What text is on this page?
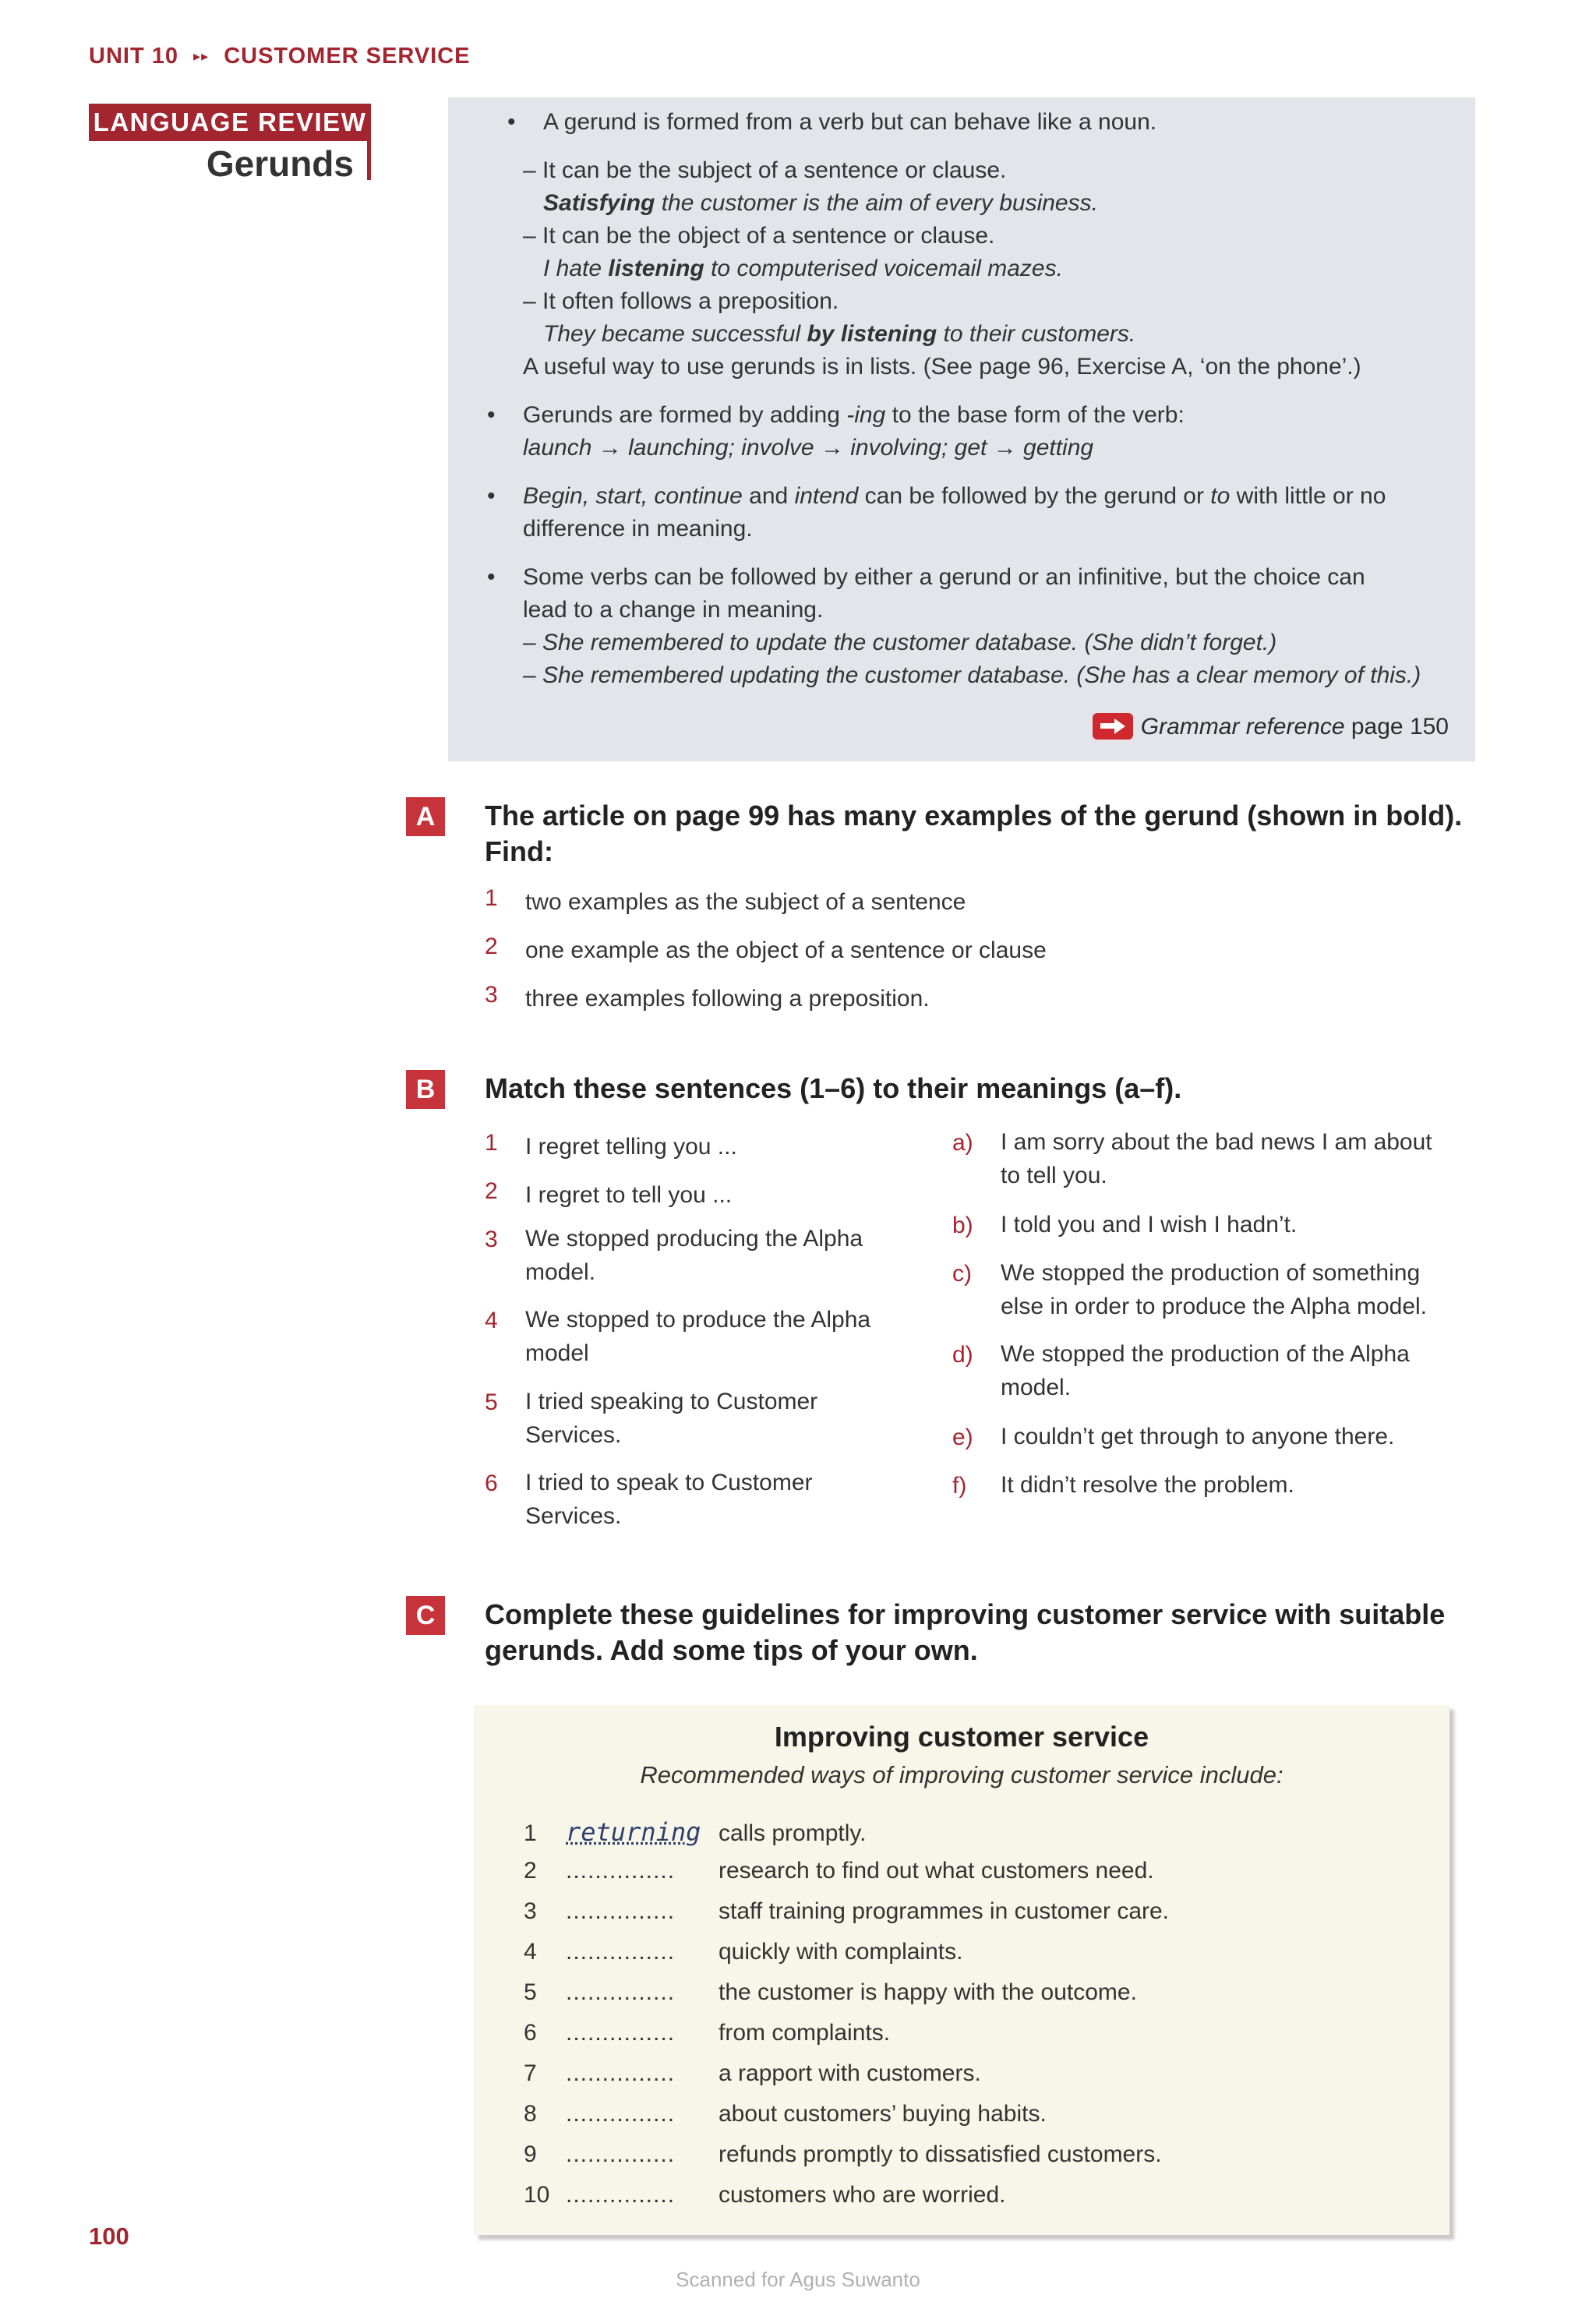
UNIT 10 ▸▸ CUSTOMER SERVICE
LANGUAGE REVIEW
Gerunds
• A gerund is formed from a verb but can behave like a noun.
– It can be the subject of a sentence or clause.
Satisfying the customer is the aim of every business.
– It can be the object of a sentence or clause.
I hate listening to computerised voicemail mazes.
– It often follows a preposition.
They became successful by listening to their customers.
A useful way to use gerunds is in lists. (See page 96, Exercise A, ‘on the phone’.)
• Gerunds are formed by adding -ing to the base form of the verb:
launch → launching; involve → involving; get → getting
• Begin, start, continue and intend can be followed by the gerund or to with little or no
difference in meaning.
• Some verbs can be followed by either a gerund or an infinitive, but the choice can
lead to a change in meaning.
– She remembered to update the customer database. (She didn’t forget.)
– She remembered updating the customer database. (She has a clear memory of this.)
Grammar reference page 150
A	The article on page 99 has many examples of the gerund (shown in bold).
Find:
1 two examples as the subject of a sentence
2 one example as the object of a sentence or clause
3 three examples following a preposition.
B	Match these sentences (1–6) to their meanings (a–f).
1 I regret telling you ...
2 I regret to tell you ...
3 We stopped producing the Alpha
model.
4 We stopped to produce the Alpha
model
5 I tried speaking to Customer
Services.
6 I tried to speak to Customer
Services.
a) I am sorry about the bad news I am about
to tell you.
b) I told you and I wish I hadn’t.
c) We stopped the production of something
else in order to produce the Alpha model.
d) We stopped the production of the Alpha
model.
e) I couldn’t get through to anyone there.
f) It didn’t resolve the problem.
C	Complete these guidelines for improving customer service with suitable
gerunds. Add some tips of your own.
Improving customer service
Recommended ways of improving customer service include:
1 returning calls promptly.
2 ............... research to find out what customers need.
3 ............... staff training programmes in customer care.
4 ............... quickly with complaints.
5 ............... the customer is happy with the outcome.
6 ............... from complaints.
7 ............... a rapport with customers.
8 ............... about customers’ buying habits.
9 ............... refunds promptly to dissatisfied customers.
10 ............... customers who are worried.
100
Scanned for Agus Suwanto
